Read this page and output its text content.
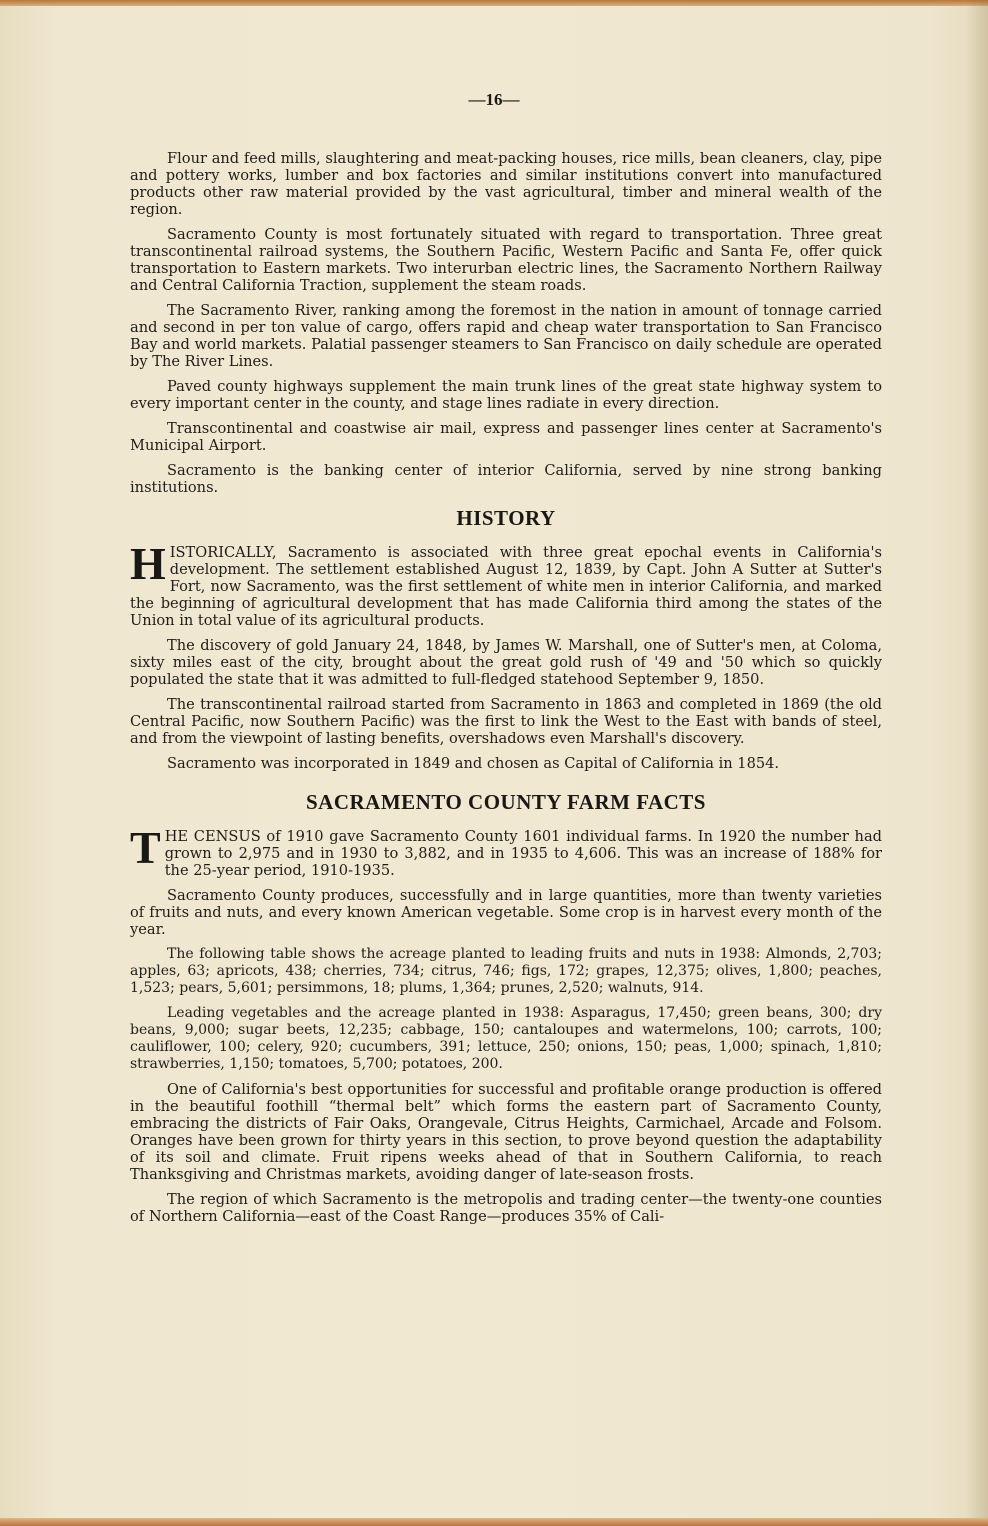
—16—

Flour and feed mills, slaughtering and meat-packing houses, rice mills, bean cleaners, clay, pipe and pottery works, lumber and box factories and similar institutions convert into manufactured products other raw material provided by the vast agricultural, timber and mineral wealth of the region.

Sacramento County is most fortunately situated with regard to transportation. Three great transcontinental railroad systems, the Southern Pacific, Western Pacific and Santa Fe, offer quick transportation to Eastern markets. Two interurban electric lines, the Sacramento Northern Railway and Central California Traction, supplement the steam roads.

The Sacramento River, ranking among the foremost in the nation in amount of tonnage carried and second in per ton value of cargo, offers rapid and cheap water transportation to San Francisco Bay and world markets. Palatial passenger steamers to San Francisco on daily schedule are operated by The River Lines.

Paved county highways supplement the main trunk lines of the great state highway system to every important center in the county, and stage lines radiate in every direction.

Transcontinental and coastwise air mail, express and passenger lines center at Sacramento's Municipal Airport.

Sacramento is the banking center of interior California, served by nine strong banking institutions.

HISTORY

HISTORICALLY, Sacramento is associated with three great epochal events in California's development. The settlement established August 12, 1839, by Capt. John A Sutter at Sutter's Fort, now Sacramento, was the first settlement of white men in interior California, and marked the beginning of agricultural development that has made California third among the states of the Union in total value of its agricultural products.

The discovery of gold January 24, 1848, by James W. Marshall, one of Sutter's men, at Coloma, sixty miles east of the city, brought about the great gold rush of '49 and '50 which so quickly populated the state that it was admitted to full-fledged statehood September 9, 1850.

The transcontinental railroad started from Sacramento in 1863 and completed in 1869 (the old Central Pacific, now Southern Pacific) was the first to link the West to the East with bands of steel, and from the viewpoint of lasting benefits, overshadows even Marshall's discovery.

Sacramento was incorporated in 1849 and chosen as Capital of California in 1854.

SACRAMENTO COUNTY FARM FACTS

THE CENSUS of 1910 gave Sacramento County 1601 individual farms. In 1920 the number had grown to 2,975 and in 1930 to 3,882, and in 1935 to 4,606. This was an increase of 188% for the 25-year period, 1910-1935.

Sacramento County produces, successfully and in large quantities, more than twenty varieties of fruits and nuts, and every known American vegetable. Some crop is in harvest every month of the year.

The following table shows the acreage planted to leading fruits and nuts in 1938: Almonds, 2,703; apples, 63; apricots, 438; cherries, 734; citrus, 746; figs, 172; grapes, 12,375; olives, 1,800; peaches, 1,523; pears, 5,601; persimmons, 18; plums, 1,364; prunes, 2,520; walnuts, 914.

Leading vegetables and the acreage planted in 1938: Asparagus, 17,450; green beans, 300; dry beans, 9,000; sugar beets, 12,235; cabbage, 150; cantaloupes and watermelons, 100; carrots, 100; cauliflower, 100; celery, 920; cucumbers, 391; lettuce, 250; onions, 150; peas, 1,000; spinach, 1,810; strawberries, 1,150; tomatoes, 5,700; potatoes, 200.

One of California's best opportunities for successful and profitable orange production is offered in the beautiful foothill “thermal belt” which forms the eastern part of Sacramento County, embracing the districts of Fair Oaks, Orangevale, Citrus Heights, Carmichael, Arcade and Folsom. Oranges have been grown for thirty years in this section, to prove beyond question the adaptability of its soil and climate. Fruit ripens weeks ahead of that in Southern California, to reach Thanksgiving and Christmas markets, avoiding danger of late-season frosts.

The region of which Sacramento is the metropolis and trading center—the twenty-one counties of Northern California—east of the Coast Range—produces 35% of Cali-
